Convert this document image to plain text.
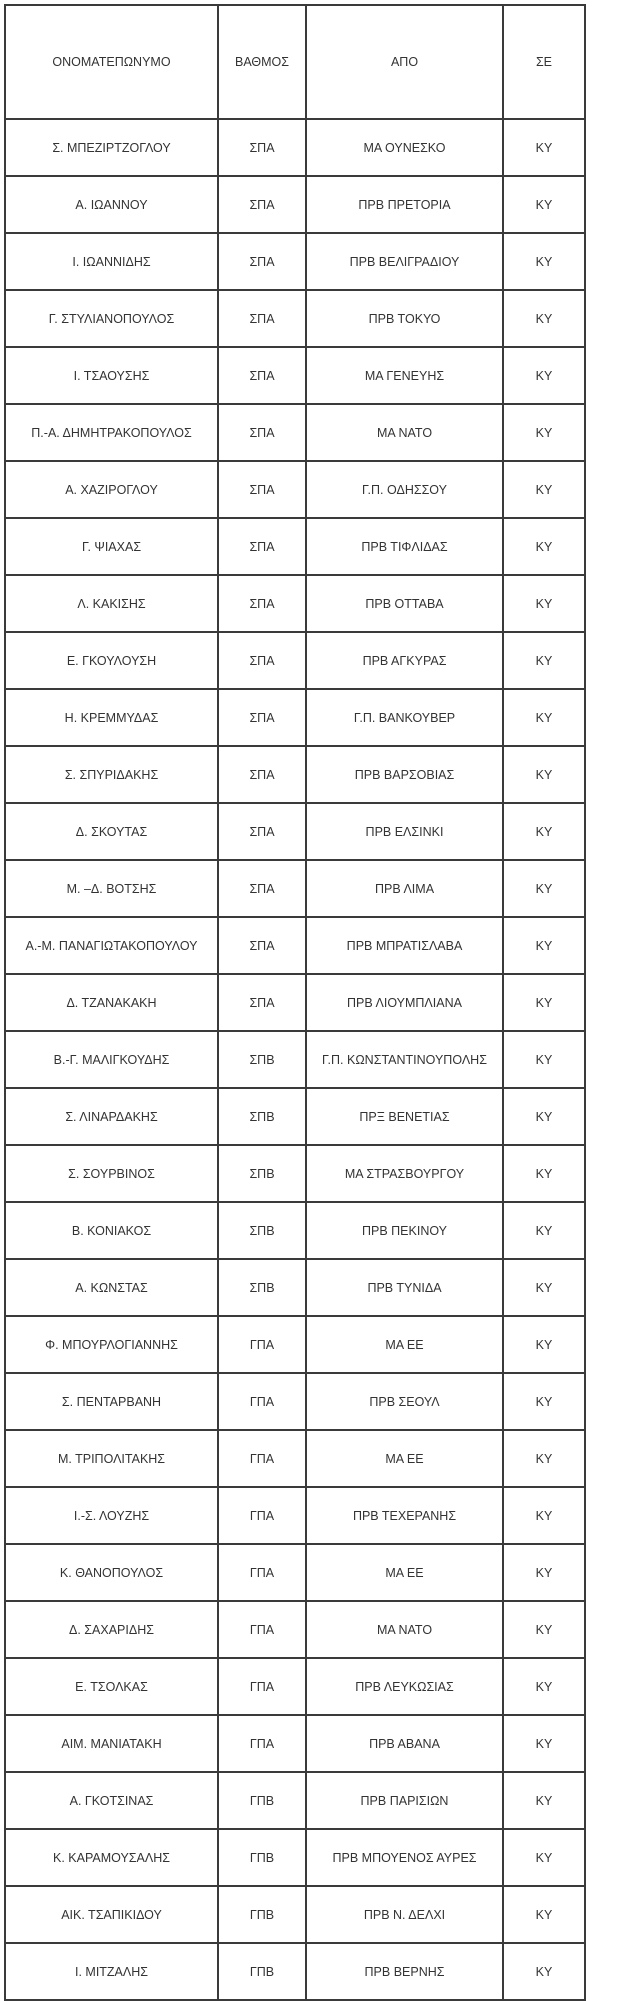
ΟΝΟΜΑΤΕΠΩΝΥΜΟ	ΒΑΘΜΟΣ	ΑΠΟ	ΣΕ
Σ. ΜΠΕΖΙΡΤΖΟΓΛΟΥ	ΣΠΑ	ΜΑ ΟΥΝΕΣΚΟ	ΚΥ
Α. ΙΩΑΝΝΟΥ	ΣΠΑ	ΠΡΒ ΠΡΕΤΟΡΙΑ	ΚΥ
Ι. ΙΩΑΝΝΙΔΗΣ	ΣΠΑ	ΠΡΒ ΒΕΛΙΓΡΑΔΙΟΥ	ΚΥ
Γ. ΣΤΥΛΙΑΝΟΠΟΥΛΟΣ	ΣΠΑ	ΠΡΒ ΤΟΚΥΟ	ΚΥ
Ι. ΤΣΑΟΥΣΗΣ	ΣΠΑ	ΜΑ ΓΕΝΕΥΗΣ	ΚΥ
Π.-Α. ΔΗΜΗΤΡΑΚΟΠΟΥΛΟΣ	ΣΠΑ	ΜΑ ΝΑΤΟ	ΚΥ
Α. ΧΑΖΙΡΟΓΛΟΥ	ΣΠΑ	Γ.Π. ΟΔΗΣΣΟΥ	ΚΥ
Γ. ΨΙΑΧΑΣ	ΣΠΑ	ΠΡΒ ΤΙΦΛΙΔΑΣ	ΚΥ
Λ. ΚΑΚΙΣΗΣ	ΣΠΑ	ΠΡΒ ΟΤΤΑΒΑ	ΚΥ
Ε. ΓΚΟΥΛΟΥΣΗ	ΣΠΑ	ΠΡΒ ΑΓΚΥΡΑΣ	ΚΥ
Η. ΚΡΕΜΜΥΔΑΣ	ΣΠΑ	Γ.Π. ΒΑΝΚΟΥΒΕΡ	ΚΥ
Σ. ΣΠΥΡΙΔΑΚΗΣ	ΣΠΑ	ΠΡΒ ΒΑΡΣΟΒΙΑΣ	ΚΥ
Δ. ΣΚΟΥΤΑΣ	ΣΠΑ	ΠΡΒ ΕΛΣΙΝΚΙ	ΚΥ
Μ. –Δ. ΒΟΤΣΗΣ	ΣΠΑ	ΠΡΒ ΛΙΜΑ	ΚΥ
Α.-Μ. ΠΑΝΑΓΙΩΤΑΚΟΠΟΥΛΟΥ	ΣΠΑ	ΠΡΒ ΜΠΡΑΤΙΣΛΑΒΑ	ΚΥ
Δ. ΤΖΑΝΑΚΑΚΗ	ΣΠΑ	ΠΡΒ ΛΙΟΥΜΠΛΙΑΝΑ	ΚΥ
Β.-Γ. ΜΑΛΙΓΚΟΥΔΗΣ	ΣΠΒ	Γ.Π. ΚΩΝΣΤΑΝΤΙΝΟΥΠΟΛΗΣ	ΚΥ
Σ. ΛΙΝΑΡΔΑΚΗΣ	ΣΠΒ	ΠΡΞ ΒΕΝΕΤΙΑΣ	ΚΥ
Σ. ΣΟΥΡΒΙΝΟΣ	ΣΠΒ	ΜΑ ΣΤΡΑΣΒΟΥΡΓΟΥ	ΚΥ
Β. ΚΟΝΙΑΚΟΣ	ΣΠΒ	ΠΡΒ ΠΕΚΙΝΟΥ	ΚΥ
Α. ΚΩΝΣΤΑΣ	ΣΠΒ	ΠΡΒ ΤΥΝΙΔΑ	ΚΥ
Φ. ΜΠΟΥΡΛΟΓΙΑΝΝΗΣ	ΓΠΑ	ΜΑ ΕΕ	ΚΥ
Σ. ΠΕΝΤΑΡΒΑΝΗ	ΓΠΑ	ΠΡΒ ΣΕΟΥΛ	ΚΥ
Μ. ΤΡΙΠΟΛΙΤΑΚΗΣ	ΓΠΑ	ΜΑ ΕΕ	ΚΥ
Ι.-Σ. ΛΟΥΖΗΣ	ΓΠΑ	ΠΡΒ ΤΕΧΕΡΑΝΗΣ	ΚΥ
Κ. ΘΑΝΟΠΟΥΛΟΣ	ΓΠΑ	ΜΑ ΕΕ	ΚΥ
Δ. ΣΑΧΑΡΙΔΗΣ	ΓΠΑ	ΜΑ ΝΑΤΟ	ΚΥ
Ε. ΤΣΟΛΚΑΣ	ΓΠΑ	ΠΡΒ ΛΕΥΚΩΣΙΑΣ	ΚΥ
ΑΙΜ. ΜΑΝΙΑΤΑΚΗ	ΓΠΑ	ΠΡΒ ΑΒΑΝΑ	ΚΥ
Α. ΓΚΟΤΣΙΝΑΣ	ΓΠΒ	ΠΡΒ ΠΑΡΙΣΙΩΝ	ΚΥ
Κ. ΚΑΡΑΜΟΥΣΑΛΗΣ	ΓΠΒ	ΠΡΒ ΜΠΟΥΕΝΟΣ ΑΥΡΕΣ	ΚΥ
ΑΙΚ. ΤΣΑΠΙΚΙΔΟΥ	ΓΠΒ	ΠΡΒ Ν. ΔΕΛΧΙ	ΚΥ
Ι. ΜΙΤΖΑΛΗΣ	ΓΠΒ	ΠΡΒ ΒΕΡΝΗΣ	ΚΥ
